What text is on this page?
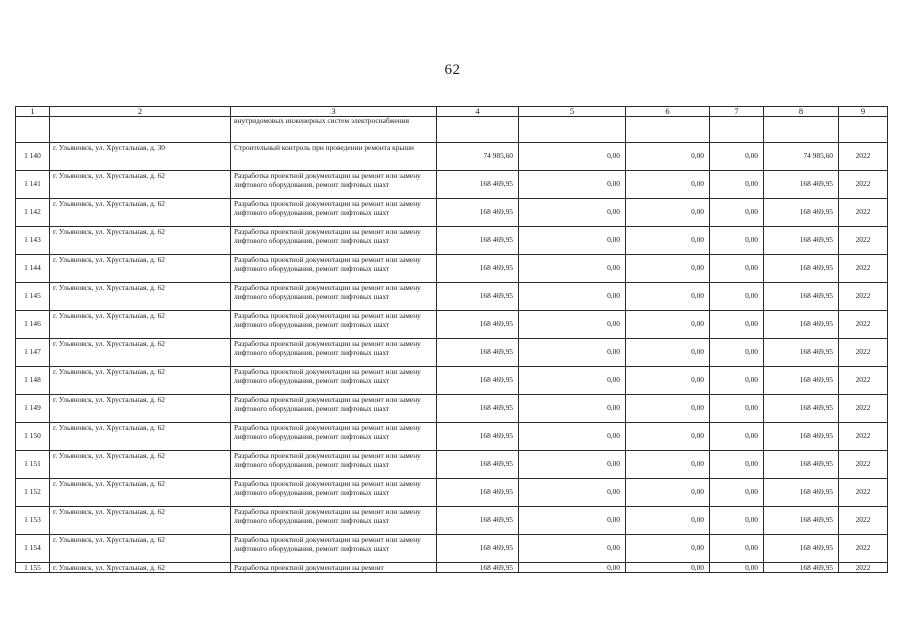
62
1	2	3	4	5	6	7	8	9
		внутридомовых инженерных систем электроснабжения						
1 140	г. Ульяновск, ул. Хрустальная, д. 30	Строительный контроль при проведении ремонта крыши	74 985,60	0,00	0,00	0,00	74 985,60	2022
1 141	г. Ульяновск, ул. Хрустальная, д. 62	Разработка проектной документации на ремонт или замену лифтового оборудования, ремонт лифтовых шахт	168 469,95	0,00	0,00	0,00	168 469,95	2022
1 142	г. Ульяновск, ул. Хрустальная, д. 62	Разработка проектной документации на ремонт или замену лифтового оборудования, ремонт лифтовых шахт	168 469,95	0,00	0,00	0,00	168 469,95	2022
1 143	г. Ульяновск, ул. Хрустальная, д. 62	Разработка проектной документации на ремонт или замену лифтового оборудования, ремонт лифтовых шахт	168 469,95	0,00	0,00	0,00	168 469,95	2022
1 144	г. Ульяновск, ул. Хрустальная, д. 62	Разработка проектной документации на ремонт или замену лифтового оборудования, ремонт лифтовых шахт	168 469,95	0,00	0,00	0,00	168 469,95	2022
1 145	г. Ульяновск, ул. Хрустальная, д. 62	Разработка проектной документации на ремонт или замену лифтового оборудования, ремонт лифтовых шахт	168 469,95	0,00	0,00	0,00	168 469,95	2022
1 146	г. Ульяновск, ул. Хрустальная, д. 62	Разработка проектной документации на ремонт или замену лифтового оборудования, ремонт лифтовых шахт	168 469,95	0,00	0,00	0,00	168 469,95	2022
1 147	г. Ульяновск, ул. Хрустальная, д. 62	Разработка проектной документации на ремонт или замену лифтового оборудования, ремонт лифтовых шахт	168 469,95	0,00	0,00	0,00	168 469,95	2022
1 148	г. Ульяновск, ул. Хрустальная, д. 62	Разработка проектной документации на ремонт или замену лифтового оборудования, ремонт лифтовых шахт	168 469,95	0,00	0,00	0,00	168 469,95	2022
1 149	г. Ульяновск, ул. Хрустальная, д. 62	Разработка проектной документации на ремонт или замену лифтового оборудования, ремонт лифтовых шахт	168 469,95	0,00	0,00	0,00	168 469,95	2022
1 150	г. Ульяновск, ул. Хрустальная, д. 62	Разработка проектной документации на ремонт или замену лифтового оборудования, ремонт лифтовых шахт	168 469,95	0,00	0,00	0,00	168 469,95	2022
1 151	г. Ульяновск, ул. Хрустальная, д. 62	Разработка проектной документации на ремонт или замену лифтового оборудования, ремонт лифтовых шахт	168 469,95	0,00	0,00	0,00	168 469,95	2022
1 152	г. Ульяновск, ул. Хрустальная, д. 62	Разработка проектной документации на ремонт или замену лифтового оборудования, ремонт лифтовых шахт	168 469,95	0,00	0,00	0,00	168 469,95	2022
1 153	г. Ульяновск, ул. Хрустальная, д. 62	Разработка проектной документации на ремонт или замену лифтового оборудования, ремонт лифтовых шахт	168 469,95	0,00	0,00	0,00	168 469,95	2022
1 154	г. Ульяновск, ул. Хрустальная, д. 62	Разработка проектной документации на ремонт или замену лифтового оборудования, ремонт лифтовых шахт	168 469,95	0,00	0,00	0,00	168 469,95	2022
1 155	г. Ульяновск, ул. Хрустальная, д. 62	Разработка проектной документации на ремонт	168 469,95	0,00	0,00	0,00	168 469,95	2022
